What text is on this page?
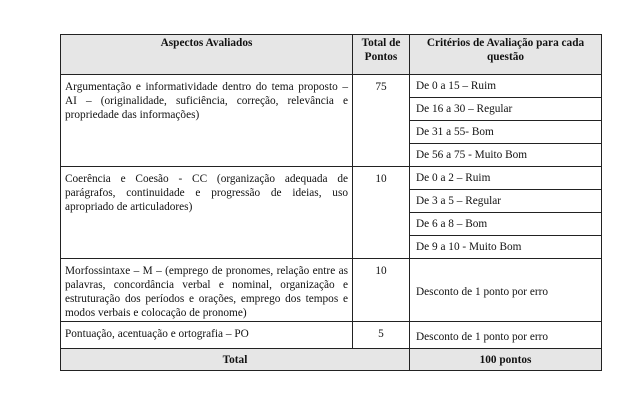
Aspectos Avaliados	Total de Pontos	Critérios de Avaliação para cada questão
Argumentação e informatividade dentro do tema proposto – AI – (originalidade, suficiência, correção, relevância e propriedade das informações)	75	De 0 a 15 – Ruim
		De 16 a 30 – Regular
		De 31 a 55- Bom
		De 56 a 75 - Muito Bom
Coerência e Coesão - CC (organização adequada de parágrafos, continuidade e progressão de ideias, uso apropriado de articuladores)	10	De 0 a 2 – Ruim
		De 3 a 5 – Regular
		De 6 a 8 – Bom
		De 9 a 10 - Muito Bom
Morfossintaxe – M – (emprego de pronomes, relação entre as palavras, concordância verbal e nominal, organização e estruturação dos períodos e orações, emprego dos tempos e modos verbais e colocação de pronome)	10	Desconto de 1 ponto por erro
Pontuação, acentuação e ortografia – PO	5	Desconto de 1 ponto por erro
Total		100 pontos
